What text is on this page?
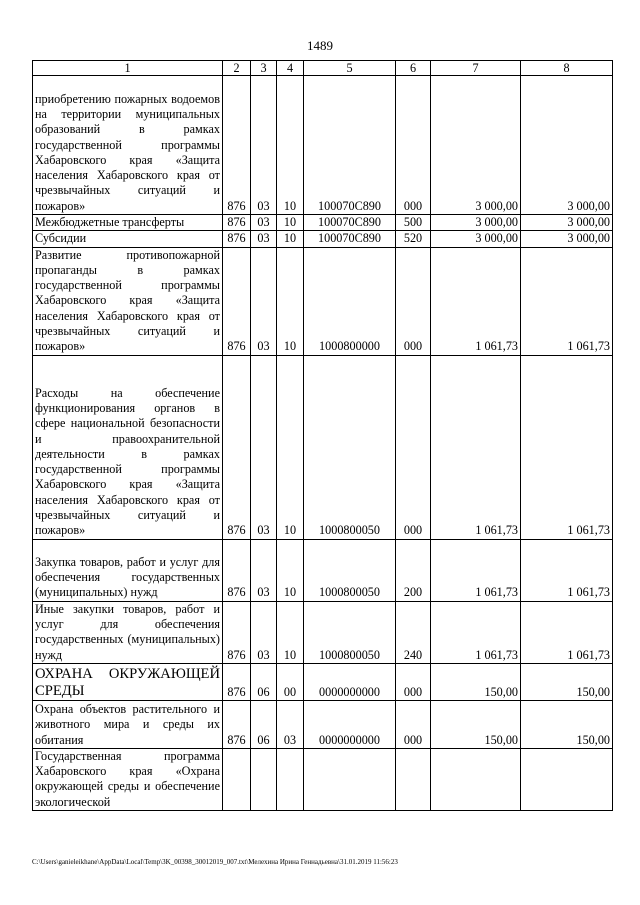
1489
1	2	3	4	5	6	7	8
приобретению пожарных водоемов на территории муниципальных образований в рамках государственной программы Хабаровского края «Защита населения Хабаровского края от чрезвычайных ситуаций и пожаров»	876	03	10	100070С890	000	3 000,00	3 000,00
Межбюджетные трансферты	876	03	10	100070С890	500	3 000,00	3 000,00
Субсидии	876	03	10	100070С890	520	3 000,00	3 000,00
Развитие противопожарной пропаганды в рамках государственной программы Хабаровского края «Защита населения Хабаровского края от чрезвычайных ситуаций и пожаров»	876	03	10	1000800000	000	1 061,73	1 061,73
Расходы на обеспечение функционирования органов в сфере национальной безопасности и правоохранительной деятельности в рамках государственной программы Хабаровского края «Защита населения Хабаровского края от чрезвычайных ситуаций и пожаров»	876	03	10	1000800050	000	1 061,73	1 061,73
Закупка товаров, работ и услуг для обеспечения государственных (муниципальных) нужд	876	03	10	1000800050	200	1 061,73	1 061,73
Иные закупки товаров, работ и услуг для обеспечения государственных (муниципальных) нужд	876	03	10	1000800050	240	1 061,73	1 061,73
ОХРАНА ОКРУЖАЮЩЕЙ СРЕДЫ	876	06	00	0000000000	000	150,00	150,00
Охрана объектов растительного и животного мира и среды их обитания	876	06	03	0000000000	000	150,00	150,00
Государственная программа Хабаровского края «Охрана окружающей среды и обеспечение экологической							
C:\Users\ganieleikhane\AppData\Local\Temp\3K_00398_30012019_007.txt\Мелехина Ирина Геннадьевна\31.01.2019 11:56:23
